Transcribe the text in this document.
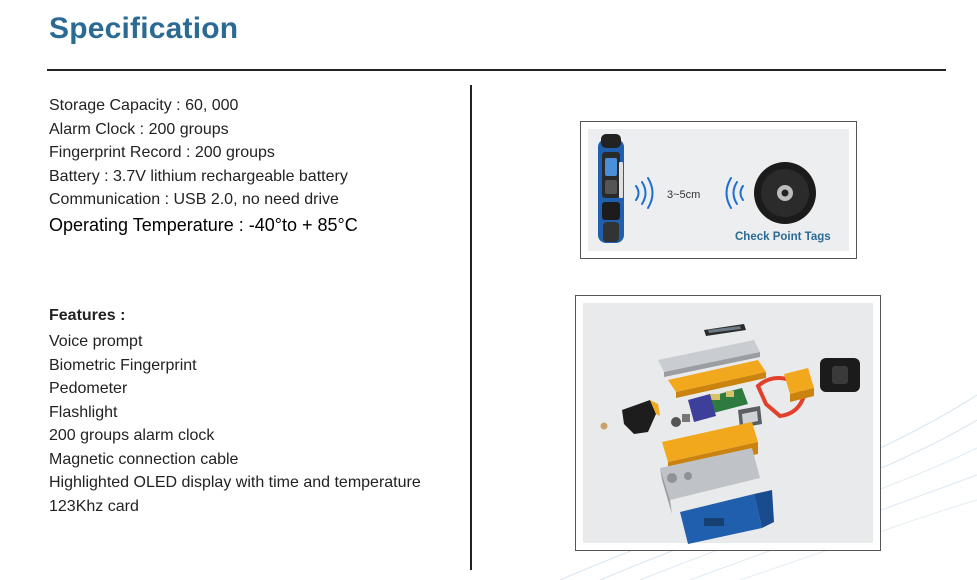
Specification
Storage Capacity : 60, 000
Alarm Clock : 200 groups
Fingerprint Record : 200 groups
Battery : 3.7V lithium rechargeable battery
Communication : USB 2.0, no need drive
Operating Temperature : -40°to + 85°C
Features :
Voice prompt
Biometric Fingerprint
Pedometer
Flashlight
200 groups alarm clock
Magnetic connection cable
Highlighted OLED display with time and temperature
123Khz card
3~5cm
Check Point Tags
